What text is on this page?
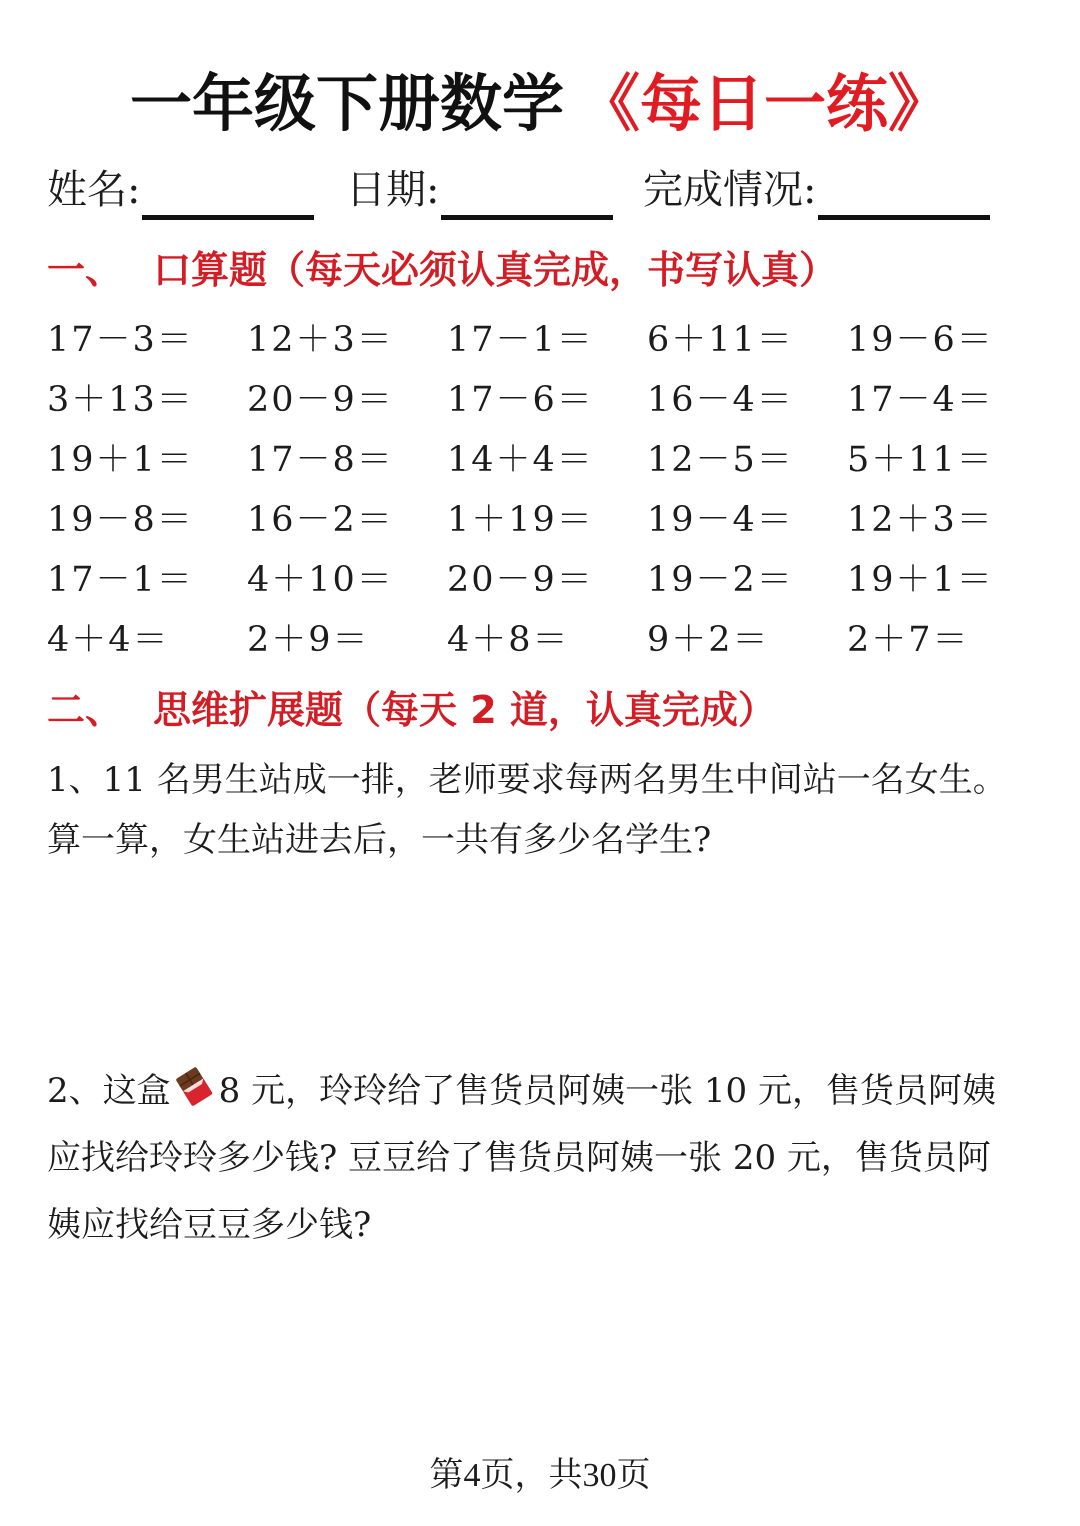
一年级下册数学 《每日一练》
姓名:	日期:	完成情况:
一、 口算题（每天必须认真完成，书写认真）
17－3＝ 12＋3＝ 17－1＝ 6＋11＝ 19－6＝
3＋13＝ 20－9＝ 17－6＝ 16－4＝ 17－4＝
19＋1＝ 17－8＝ 14＋4＝ 12－5＝ 5＋11＝
19－8＝ 16－2＝ 1＋19＝ 19－4＝ 12＋3＝
17－1＝ 4＋10＝ 20－9＝ 19－2＝ 19＋1＝
4＋4＝ 2＋9＝ 4＋8＝ 9＋2＝ 2＋7＝
二、 思维扩展题（每天 2 道，认真完成）
1、11 名男生站成一排，老师要求每两名男生中间站一名女生。
算一算，女生站进去后，一共有多少名学生?
2、这盒 8 元，玲玲给了售货员阿姨一张 10 元，售货员阿姨
应找给玲玲多少钱? 豆豆给了售货员阿姨一张 20 元，售货员阿
姨应找给豆豆多少钱?
第4页，共30页
